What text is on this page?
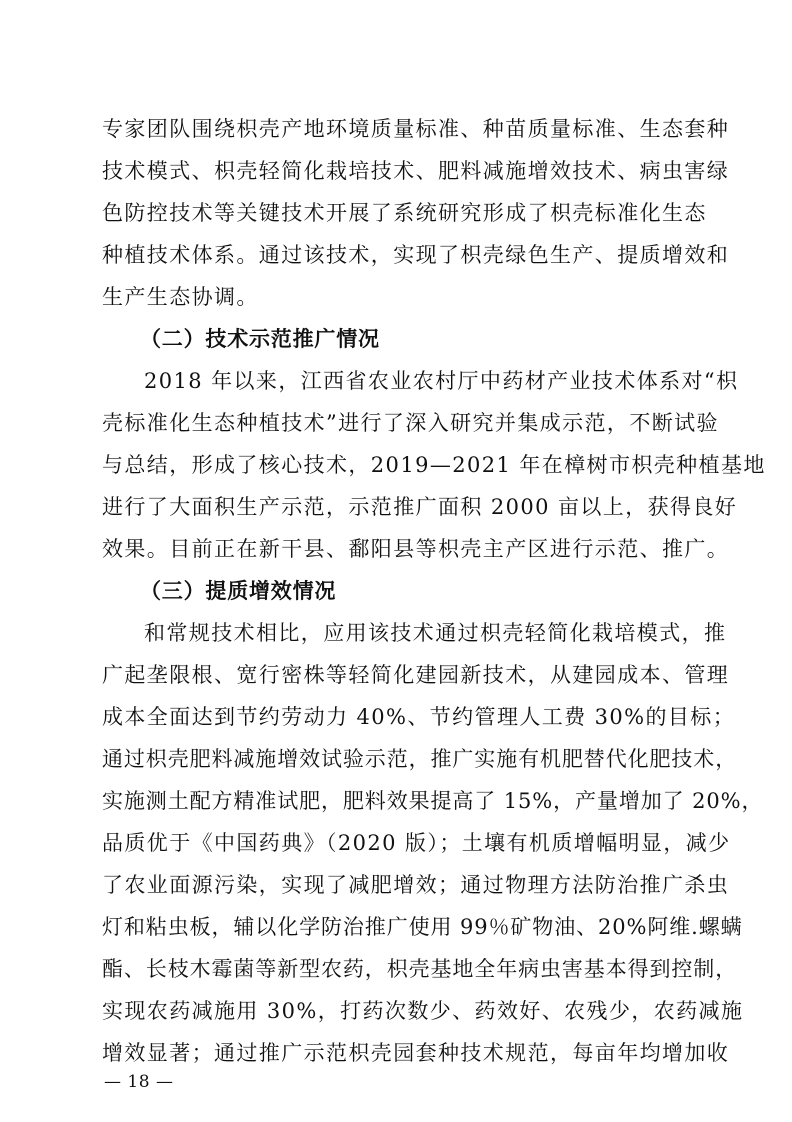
专家团队围绕枳壳产地环境质量标准、种苗质量标准、生态套种
技术模式、枳壳轻简化栽培技术、肥料减施增效技术、病虫害绿
色防控技术等关键技术开展了系统研究形成了枳壳标准化生态
种植技术体系。通过该技术，实现了枳壳绿色生产、提质增效和
生产生态协调。
（二）技术示范推广情况
2018 年以来，江西省农业农村厅中药材产业技术体系对“枳
壳标准化生态种植技术”进行了深入研究并集成示范，不断试验
与总结，形成了核心技术，2019—2021 年在樟树市枳壳种植基地
进行了大面积生产示范，示范推广面积 2000 亩以上，获得良好
效果。目前正在新干县、鄱阳县等枳壳主产区进行示范、推广。
（三）提质增效情况
和常规技术相比，应用该技术通过枳壳轻简化栽培模式，推
广起垄限根、宽行密株等轻简化建园新技术，从建园成本、管理
成本全面达到节约劳动力 40%、节约管理人工费 30%的目标；
通过枳壳肥料减施增效试验示范，推广实施有机肥替代化肥技术，
实施测土配方精准试肥，肥料效果提高了 15%，产量增加了 20%，
品质优于《中国药典》（2020 版）；土壤有机质增幅明显，减少
了农业面源污染，实现了减肥增效；通过物理方法防治推广杀虫
灯和粘虫板，辅以化学防治推广使用 99％矿物油、20%阿维.螺螨
酯、长枝木霉菌等新型农药，枳壳基地全年病虫害基本得到控制，
实现农药减施用 30%，打药次数少、药效好、农残少，农药减施
增效显著；通过推广示范枳壳园套种技术规范，每亩年均增加收
— 18 —
